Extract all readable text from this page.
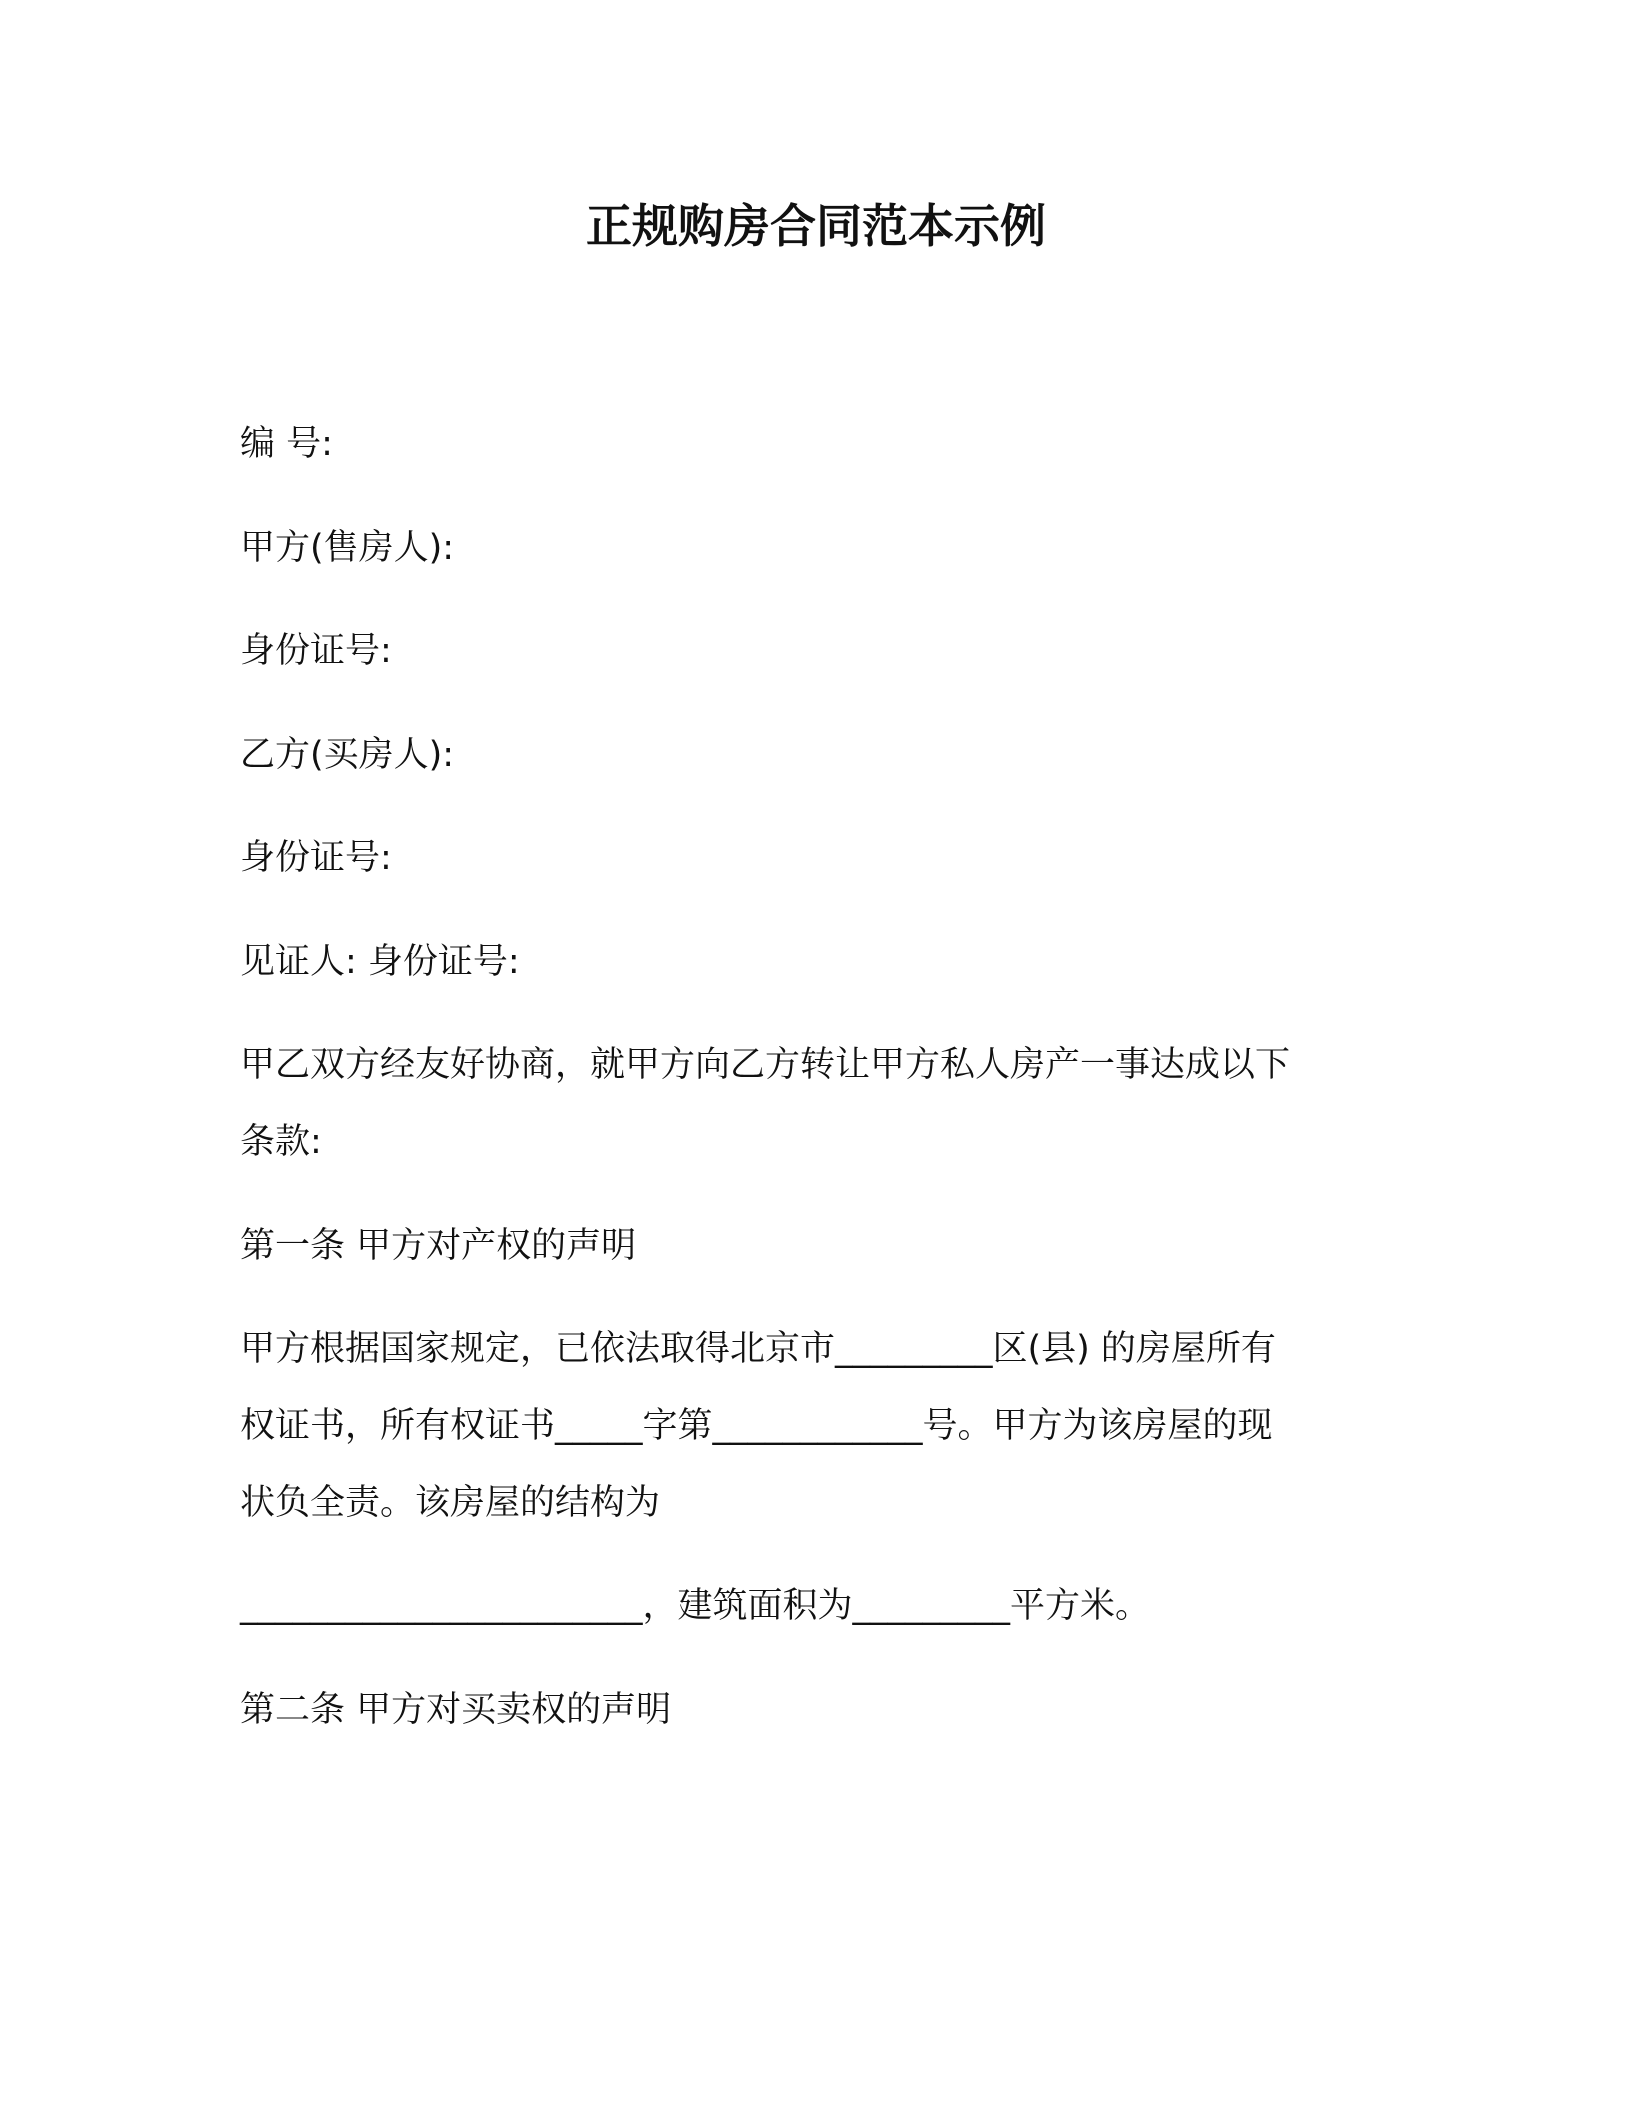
正规购房合同范本示例
编 号:
甲方(售房人):
身份证号:
乙方(买房人):
身份证号:
见证人: 身份证号:
甲乙双方经友好协商，就甲方向乙方转让甲方私人房产一事达成以下
条款:
第一条 甲方对产权的声明
甲方根据国家规定，已依法取得北京市_________区(县) 的房屋所有
权证书，所有权证书_____字第____________号。甲方为该房屋的现
状负全责。该房屋的结构为
_______________________，建筑面积为_________平方米。
第二条 甲方对买卖权的声明
